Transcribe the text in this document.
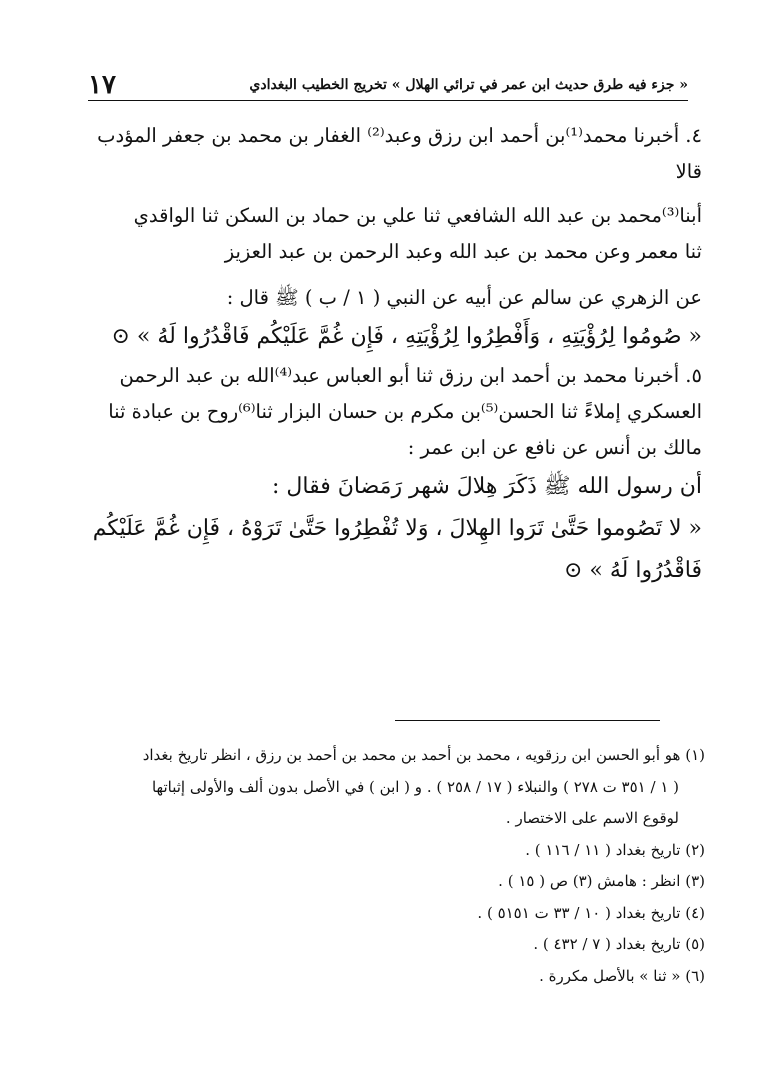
١٧	« جزء فيه طرق حديث ابن عمر في ترائي الهلال » تخريج الخطيب البغدادي
٤. أخبرنا محمد⁽¹⁾بن أحمد ابن رزق وعبد⁽²⁾ الغفار بن محمد بن جعفر المؤدب
قالا
أبنا⁽³⁾محمد بن عبد الله الشافعي ثنا علي بن حماد بن السكن ثنا الواقدي
ثنا معمر وعن محمد بن عبد الله وعبد الرحمن بن عبد العزيز
عن الزهري عن سالم عن أبيه عن النبي ( ١ / ب ) ﷺ قال :
« صُومُوا لِرُؤْيَتِهِ ، وَأَفْطِرُوا لِرُؤْيَتِهِ ، فَإِن غُمَّ عَلَيْكُم فَاقْدُرُوا لَهُ » ⊙
٥. أخبرنا محمد بن أحمد ابن رزق ثنا أبو العباس عبد⁽⁴⁾الله بن عبد الرحمن
العسكري إملاءً ثنا الحسن⁽⁵⁾بن مكرم بن حسان البزار ثنا⁽⁶⁾روح بن عبادة ثنا
مالك بن أنس عن نافع عن ابن عمر :
أن رسول الله ﷺ ذَكَرَ هِلالَ شهر رَمَضانَ فقال :
« لا تَصُوموا حَتَّىٰ تَرَوا الهِلالَ ، وَلا تُفْطِرُوا حَتَّىٰ تَرَوْهُ ، فَإِن غُمَّ عَلَيْكُم
فَاقْدُرُوا لَهُ » ⊙
(١) هو أبو الحسن ابن رزقويه ، محمد بن أحمد بن محمد بن أحمد بن رزق ، انظر تاريخ بغداد
( ١ / ٣٥١ ت ٢٧٨ ) والنبلاء ( ١٧ / ٢٥٨ ) . و ( ابن ) في الأصل بدون ألف والأولى إثباتها
لوقوع الاسم على الاختصار .
(٢) تاريخ بغداد ( ١١ / ١١٦ ) .
(٣) انظر : هامش (٣) ص ( ١٥ ) .
(٤) تاريخ بغداد ( ١٠ / ٣٣ ت ٥١٥١ ) .
(٥) تاريخ بغداد ( ٧ / ٤٣٢ ) .
(٦) « ثنا » بالأصل مكررة .
